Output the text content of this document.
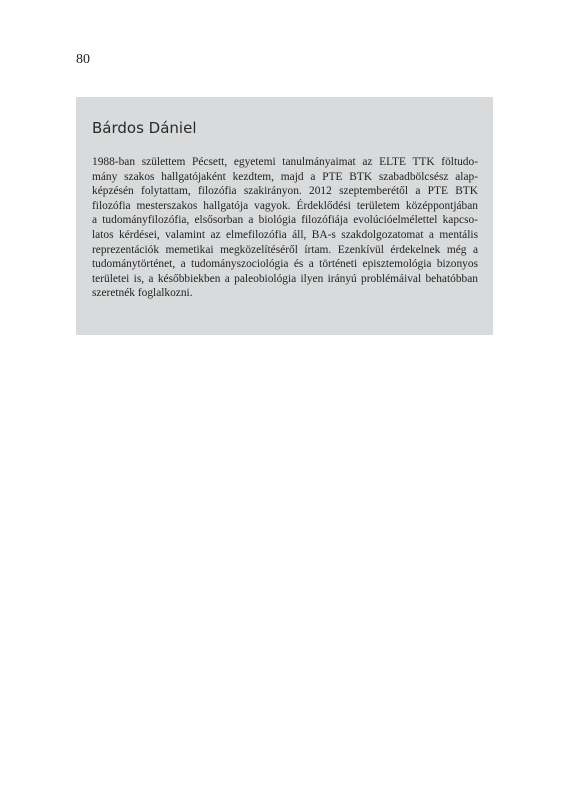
80
Bárdos Dániel

1988-ban születtem Pécsett, egyetemi tanulmányaimat az ELTE TTK föltudo-
mány szakos hallgatójaként kezdtem, majd a PTE BTK szabadbölcsész alap-
képzésén folytattam, filozófia szakirányon. 2012 szeptemberétől a PTE BTK
filozófia mesterszakos hallgatója vagyok. Érdeklődési területem középpontjában
a tudományfilozófia, elsősorban a biológia filozófiája evolúcióelmélettel kapcso-
latos kérdései, valamint az elmefilozófia áll, BA-s szakdolgozatomat a mentális
reprezentációk memetikai megközelítéséről írtam. Ezenkívül érdekelnek még a
tudománytörténet, a tudományszociológia és a történeti episztemológia bizonyos
területei is, a későbbiekben a paleobiológia ilyen irányú problémáival behatóbban
szeretnék foglalkozni.
